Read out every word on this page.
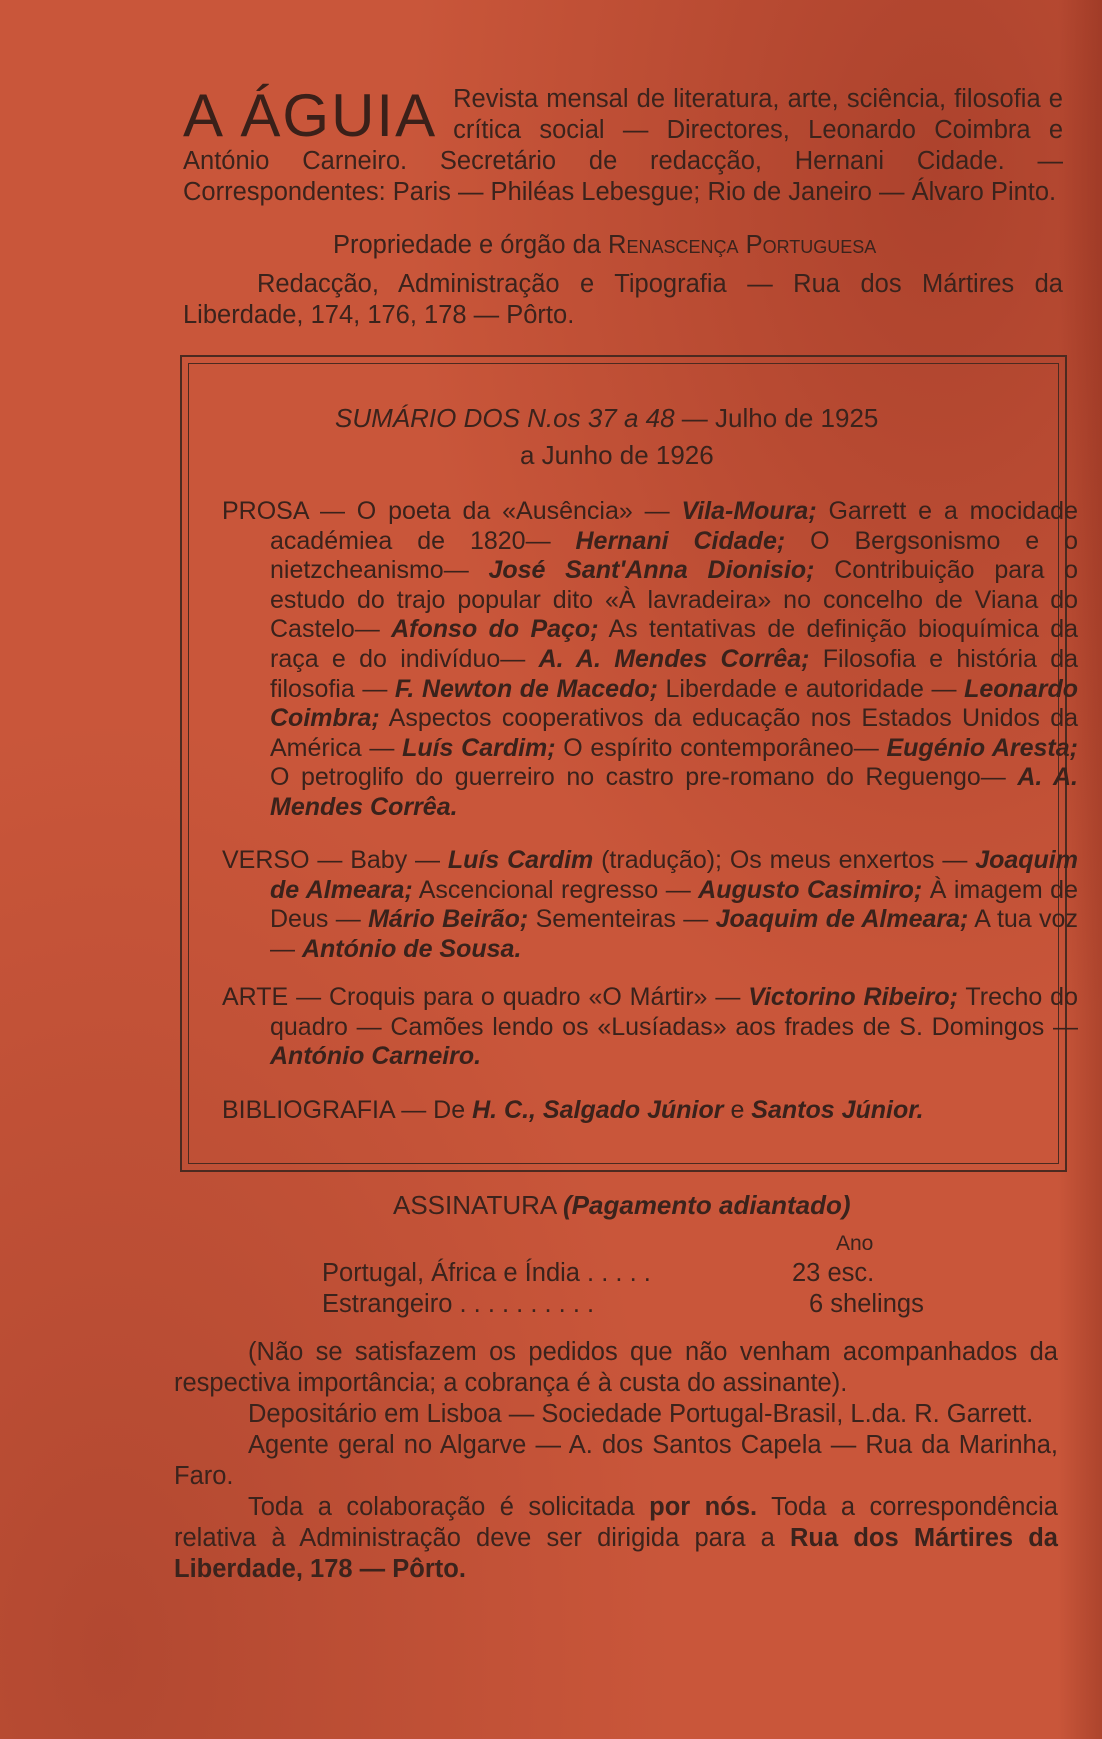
A ÁGUIA Revista mensal de literatura, arte, sciência, filosofia e crítica social — Directores, Leonardo Coimbra e António Carneiro. Secretário de redacção, Hernani Cidade. — Correspondentes: Paris — Philéas Lebesgue; Rio de Janeiro — Álvaro Pinto.
Propriedade e órgão da Renascença Portuguesa
Redacção, Administração e Tipografia — Rua dos Mártires da Liberdade, 174, 176, 178 — Pôrto.
SUMÁRIO DOS N.os 37 a 48 — Julho de 1925
a Junho de 1926
PROSA — O poeta da «Ausência» — Vila-Moura; Garrett e a mocidade académiea de 1820— Hernani Cidade; O Bergsonismo e o nietzcheanismo— José Sant'Anna Dionisio; Contribuição para o estudo do trajo popular dito «À lavradeira» no concelho de Viana do Castelo— Afonso do Paço; As tentativas de definição bioquímica da raça e do indivíduo— A. A. Mendes Corrêa; Filosofia e história da filosofia — F. Newton de Macedo; Liberdade e autoridade — Leonardo Coimbra; Aspectos cooperativos da educação nos Estados Unidos da América — Luís Cardim; O espírito contemporâneo— Eugénio Aresta; O petroglifo do guerreiro no castro pre-romano do Reguengo— A. A. Mendes Corrêa.
VERSO — Baby — Luís Cardim (tradução); Os meus enxertos — Joaquim de Almeara; Ascencional regresso — Augusto Casimiro; À imagem de Deus — Mário Beirão; Sementeiras — Joaquim de Almeara; A tua voz— António de Sousa.
ARTE — Croquis para o quadro «O Mártir» — Victorino Ribeiro; Trecho do quadro — Camões lendo os «Lusíadas» aos frades de S. Domingos — António Carneiro.
BIBLIOGRAFIA — De H. C., Salgado Júnior e Santos Júnior.
ASSINATURA (Pagamento adiantado)
Ano
Portugal, África e Índia . . . . .	23 esc.
Estrangeiro . . . . . . . . . .	6 shelings

(Não se satisfazem os pedidos que não venham acompanhados da respectiva importância; a cobrança é à custa do assinante).

Depositário em Lisboa — Sociedade Portugal-Brasil, L.da. R. Garrett.

Agente geral no Algarve — A. dos Santos Capela — Rua da Marinha, Faro.

Toda a colaboração é solicitada por nós. Toda a correspondência relativa à Administração deve ser dirigida para a Rua dos Mártires da Liberdade, 178 — Pôrto.
